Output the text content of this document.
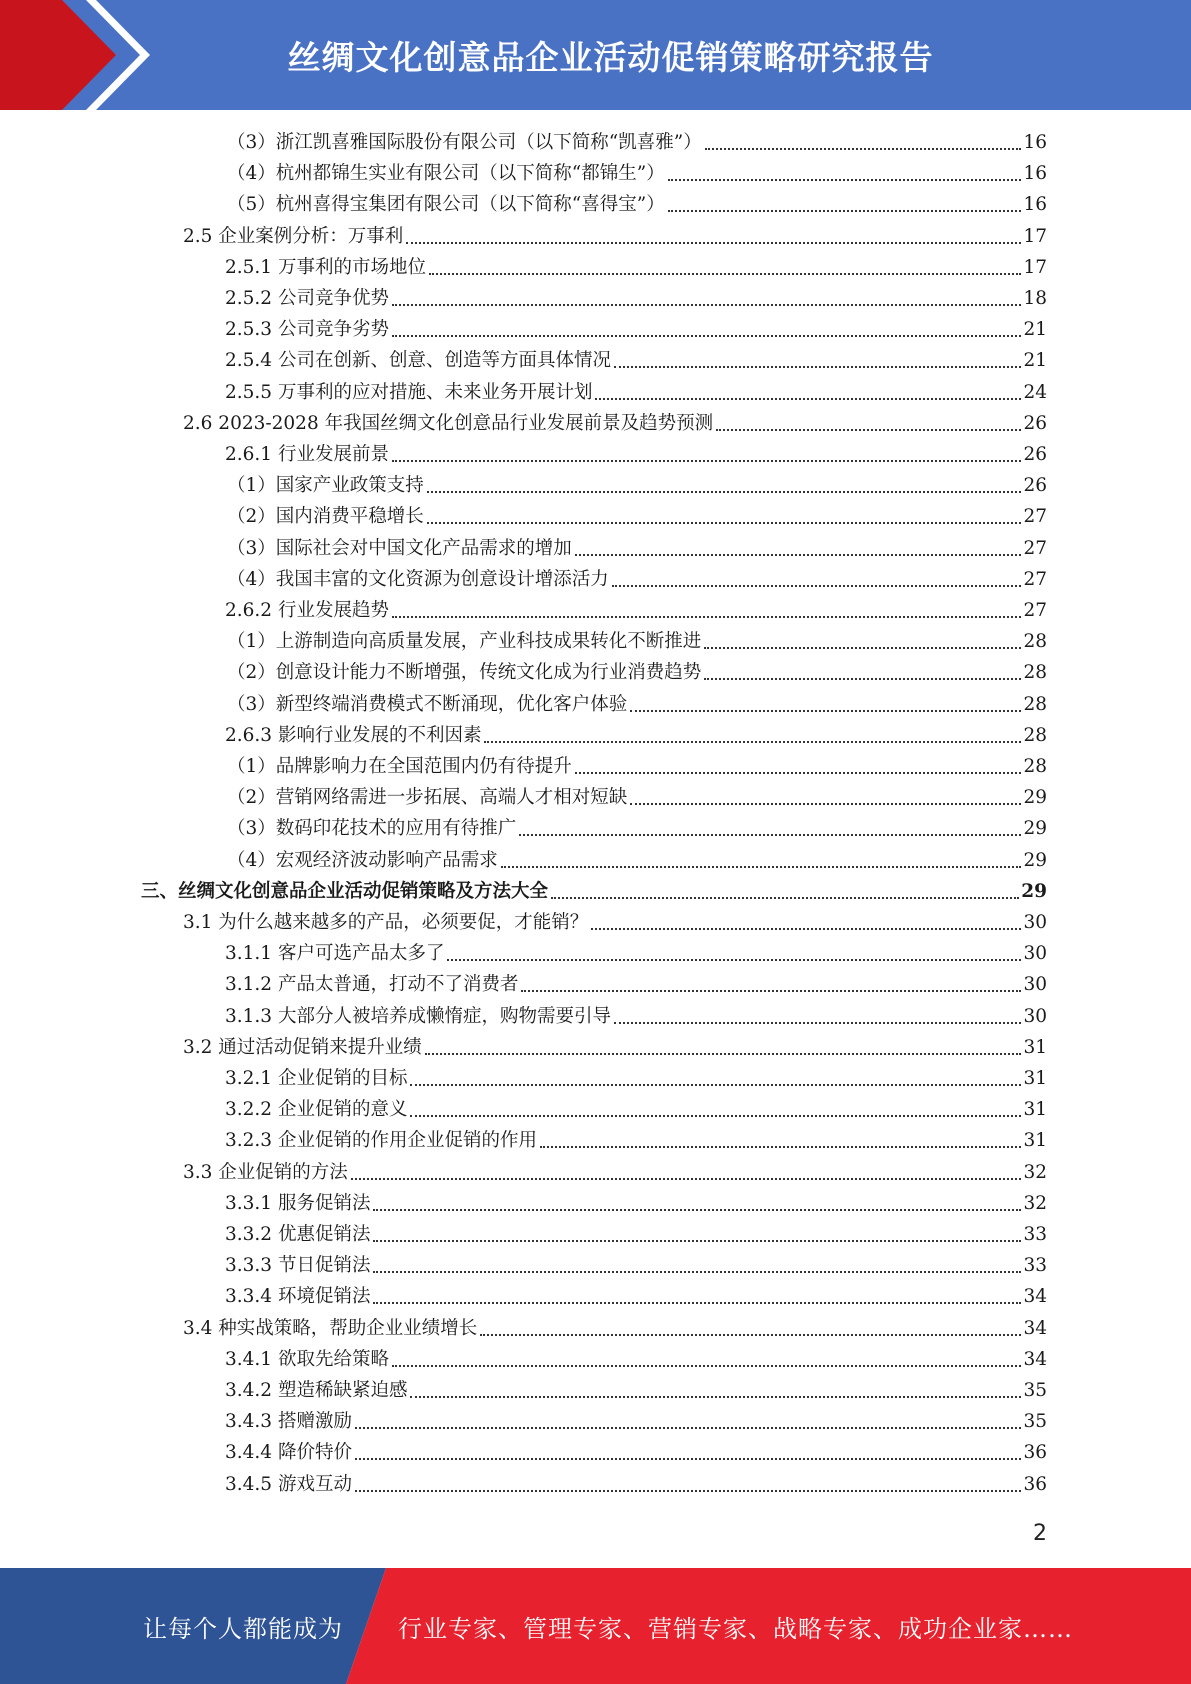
丝绸文化创意品企业活动促销策略研究报告
（3）浙江凯喜雅国际股份有限公司（以下简称“凯喜雅”）	16
（4）杭州都锦生实业有限公司（以下简称“都锦生”）	16
（5）杭州喜得宝集团有限公司（以下简称“喜得宝”）	16
2.5 企业案例分析：万事利	17
2.5.1 万事利的市场地位	17
2.5.2 公司竞争优势	18
2.5.3 公司竞争劣势	21
2.5.4 公司在创新、创意、创造等方面具体情况	21
2.5.5 万事利的应对措施、未来业务开展计划	24
2.6 2023-2028 年我国丝绸文化创意品行业发展前景及趋势预测	26
2.6.1 行业发展前景	26
（1）国家产业政策支持	26
（2）国内消费平稳增长	27
（3）国际社会对中国文化产品需求的增加	27
（4）我国丰富的文化资源为创意设计增添活力	27
2.6.2 行业发展趋势	27
（1）上游制造向高质量发展，产业科技成果转化不断推进	28
（2）创意设计能力不断增强，传统文化成为行业消费趋势	28
（3）新型终端消费模式不断涌现，优化客户体验	28
2.6.3 影响行业发展的不利因素	28
（1）品牌影响力在全国范围内仍有待提升	28
（2）营销网络需进一步拓展、高端人才相对短缺	29
（3）数码印花技术的应用有待推广	29
（4）宏观经济波动影响产品需求	29
三、丝绸文化创意品企业活动促销策略及方法大全	29
3.1 为什么越来越多的产品，必须要促，才能销？	30
3.1.1 客户可选产品太多了	30
3.1.2 产品太普通，打动不了消费者	30
3.1.3 大部分人被培养成懒惰症，购物需要引导	30
3.2 通过活动促销来提升业绩	31
3.2.1 企业促销的目标	31
3.2.2 企业促销的意义	31
3.2.3 企业促销的作用企业促销的作用	31
3.3 企业促销的方法	32
3.3.1 服务促销法	32
3.3.2 优惠促销法	33
3.3.3 节日促销法	33
3.3.4 环境促销法	34
3.4 种实战策略，帮助企业业绩增长	34
3.4.1 欲取先给策略	34
3.4.2 塑造稀缺紧迫感	35
3.4.3 搭赠激励	35
3.4.4 降价特价	36
3.4.5 游戏互动	36
2
让每个人都能成为 行业专家、管理专家、营销专家、战略专家、成功企业家……
